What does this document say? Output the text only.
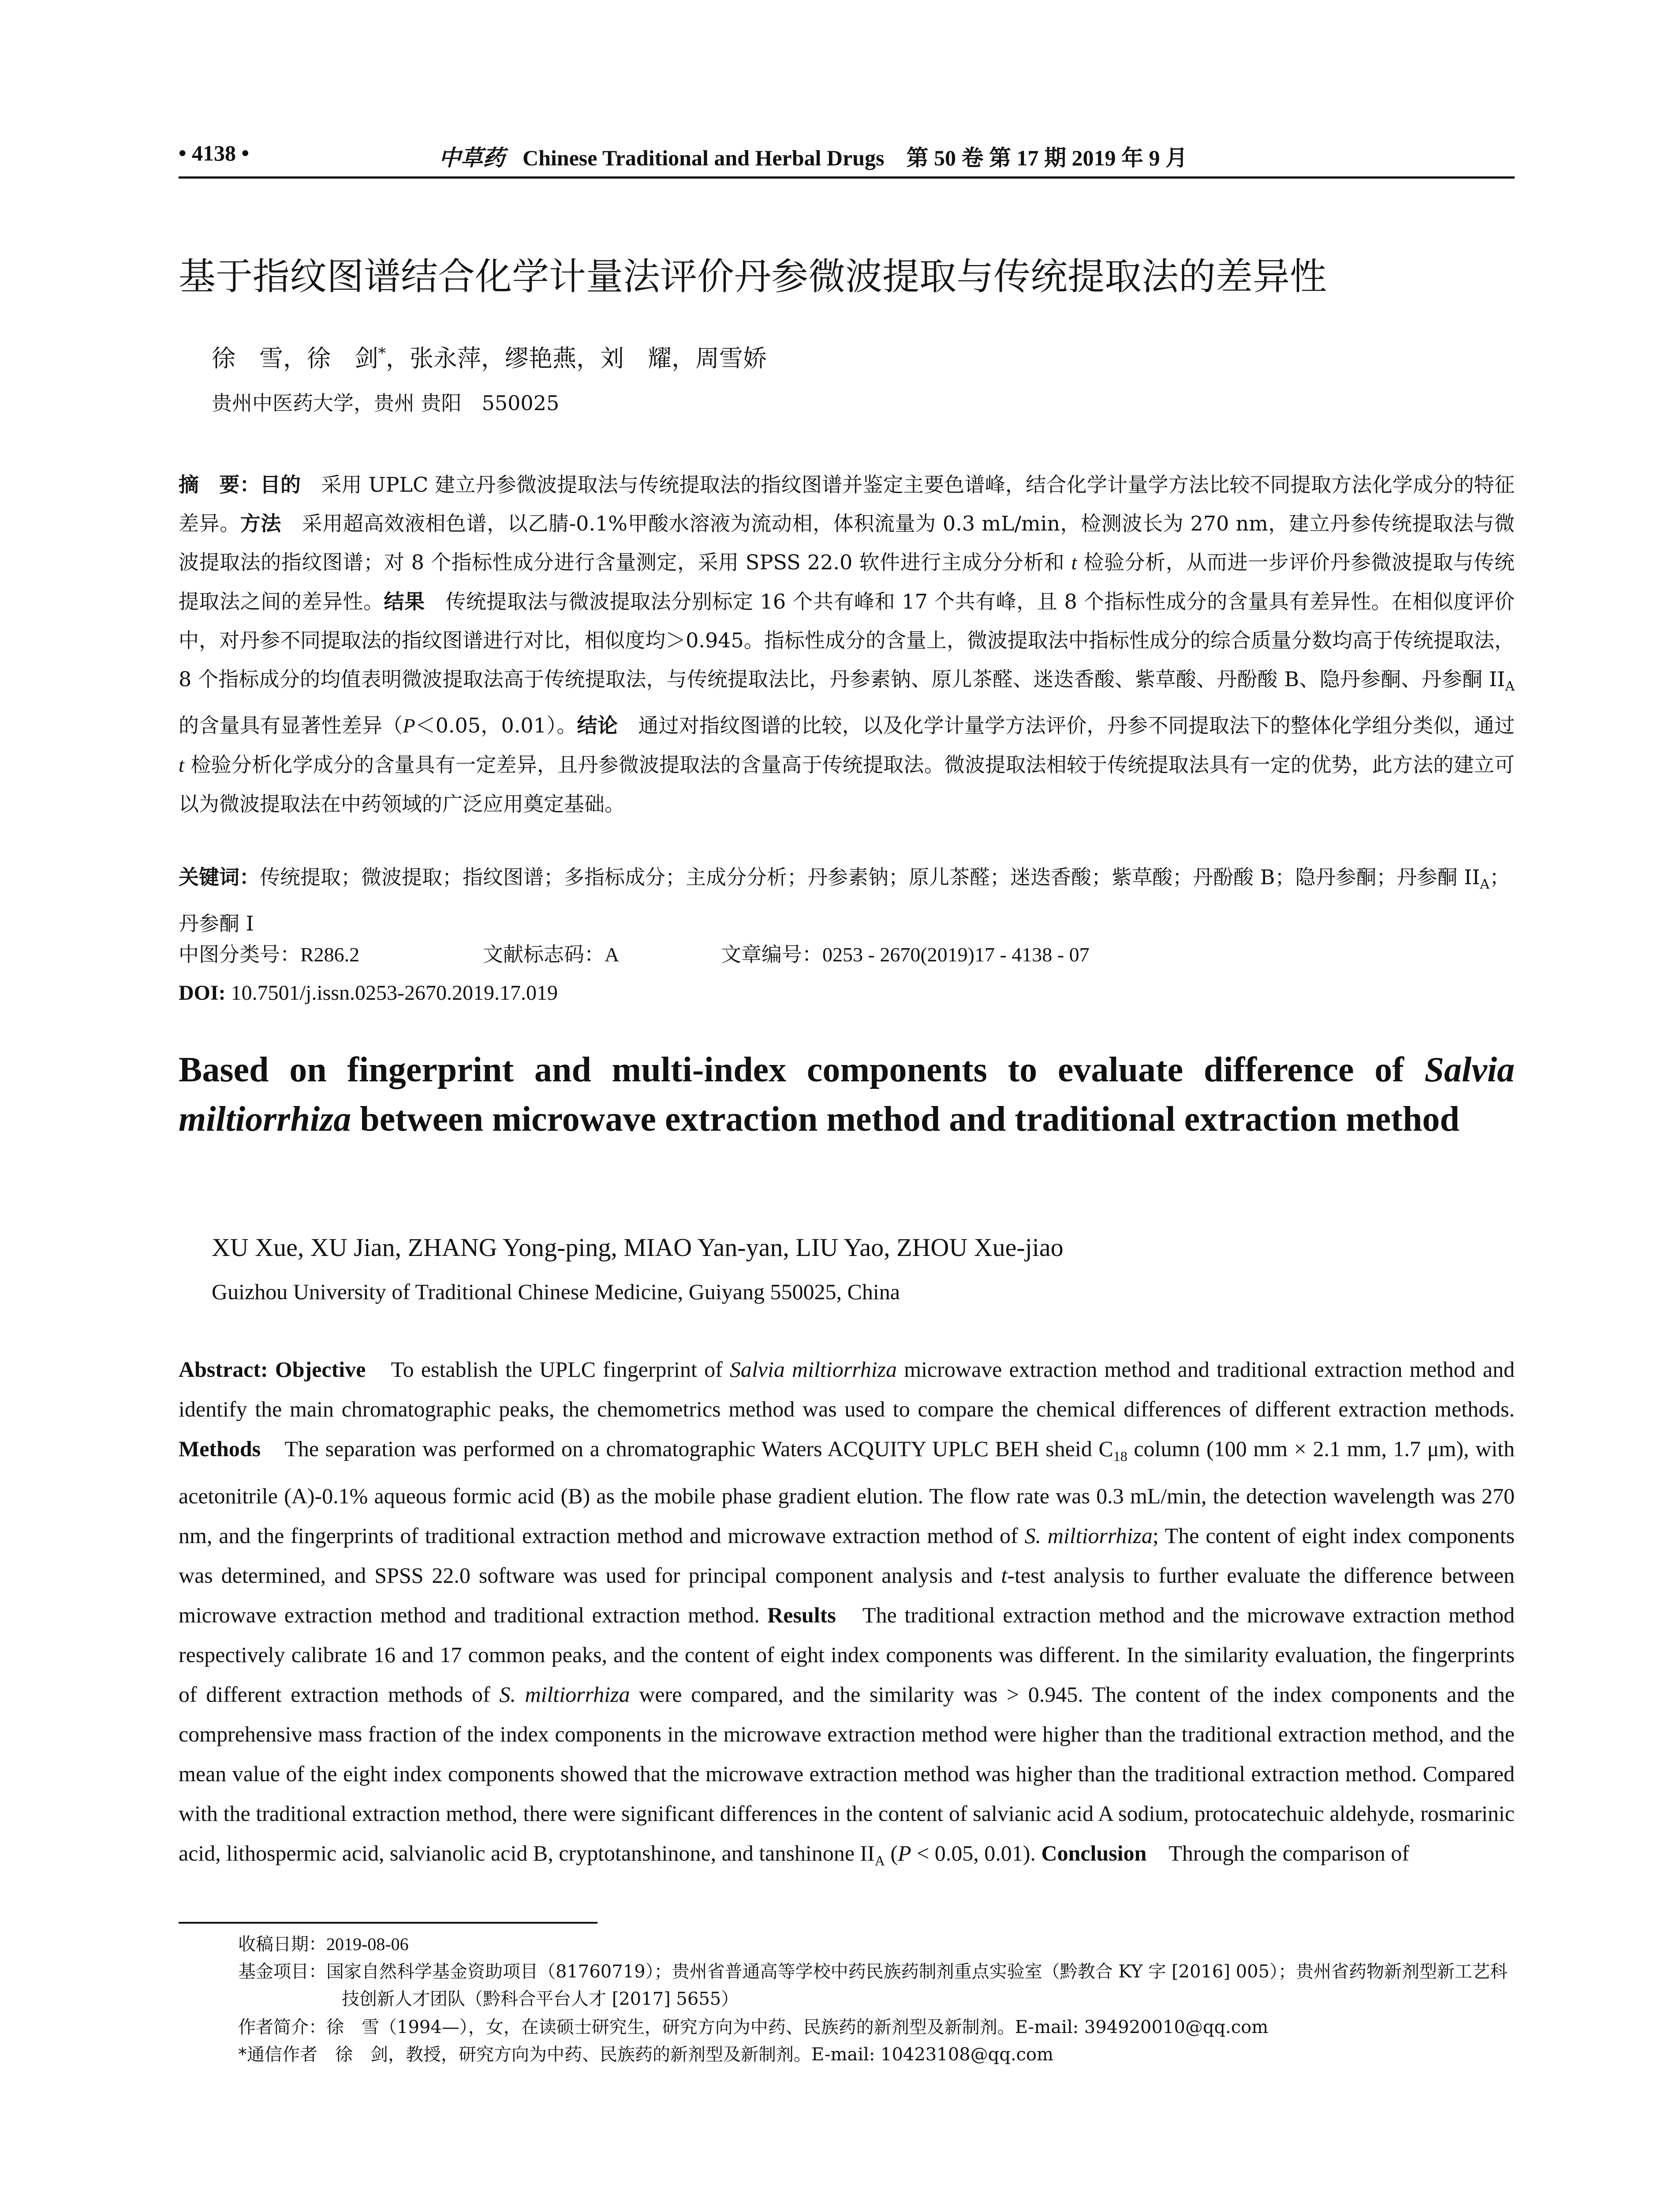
• 4138 •	中草药 Chinese Traditional and Herbal Drugs　 第 50 卷 第 17 期 2019 年 9 月
基于指纹图谱结合化学计量法评价丹参微波提取与传统提取法的差异性
徐　雪，徐　剑*，张永萍，缪艳燕，刘　耀，周雪娇
贵州中医药大学，贵州 贵阳　550025
摘　要：目的　采用 UPLC 建立丹参微波提取法与传统提取法的指纹图谱并鉴定主要色谱峰，结合化学计量学方法比较不同提取方法化学成分的特征差异。方法　采用超高效液相色谱，以乙腈-0.1%甲酸水溶液为流动相，体积流量为 0.3 mL/min，检测波长为 270 nm，建立丹参传统提取法与微波提取法的指纹图谱；对 8 个指标性成分进行含量测定，采用 SPSS 22.0 软件进行主成分分析和 t 检验分析，从而进一步评价丹参微波提取与传统提取法之间的差异性。结果　传统提取法与微波提取法分别标定 16 个共有峰和 17 个共有峰，且 8 个指标性成分的含量具有差异性。在相似度评价中，对丹参不同提取法的指纹图谱进行对比，相似度均＞0.945。指标性成分的含量上，微波提取法中指标性成分的综合质量分数均高于传统提取法，8 个指标成分的均值表明微波提取法高于传统提取法，与传统提取法比，丹参素钠、原儿茶醛、迷迭香酸、紫草酸、丹酚酸 B、隐丹参酮、丹参酮 $II_A$ 的含量具有显著性差异（P＜0.05，0.01）。结论　通过对指纹图谱的比较，以及化学计量学方法评价，丹参不同提取法下的整体化学组分类似，通过 t 检验分析化学成分的含量具有一定差异，且丹参微波提取法的含量高于传统提取法。微波提取法相较于传统提取法具有一定的优势，此方法的建立可以为微波提取法在中药领域的广泛应用奠定基础。
关键词：传统提取；微波提取；指纹图谱；多指标成分；主成分分析；丹参素钠；原儿茶醛；迷迭香酸；紫草酸；丹酚酸 B；隐丹参酮；丹参酮 $II_A$；丹参酮 I
中图分类号：R286.2	文献标志码：A	文章编号：0253 - 2670(2019)17 - 4138 - 07
DOI: 10.7501/j.issn.0253-2670.2019.17.019
Based on fingerprint and multi-index components to evaluate difference of Salvia miltiorrhiza between microwave extraction method and traditional extraction method
XU Xue, XU Jian, ZHANG Yong-ping, MIAO Yan-yan, LIU Yao, ZHOU Xue-jiao
Guizhou University of Traditional Chinese Medicine, Guiyang 550025, China
Abstract: Objective　To establish the UPLC fingerprint of Salvia miltiorrhiza microwave extraction method and traditional extraction method and identify the main chromatographic peaks, the chemometrics method was used to compare the chemical differences of different extraction methods. Methods　The separation was performed on a chromatographic Waters ACQUITY UPLC BEH sheid $C_{18}$ column (100 mm × 2.1 mm, 1.7 μm), with acetonitrile (A)-0.1% aqueous formic acid (B) as the mobile phase gradient elution. The flow rate was 0.3 mL/min, the detection wavelength was 270 nm, and the fingerprints of traditional extraction method and microwave extraction method of S. miltiorrhiza; The content of eight index components was determined, and SPSS 22.0 software was used for principal component analysis and t-test analysis to further evaluate the difference between microwave extraction method and traditional extraction method. Results　The traditional extraction method and the microwave extraction method respectively calibrate 16 and 17 common peaks, and the content of eight index components was different. In the similarity evaluation, the fingerprints of different extraction methods of S. miltiorrhiza were compared, and the similarity was > 0.945. The content of the index components and the comprehensive mass fraction of the index components in the microwave extraction method were higher than the traditional extraction method, and the mean value of the eight index components showed that the microwave extraction method was higher than the traditional extraction method. Compared with the traditional extraction method, there were significant differences in the content of salvianic acid A sodium, protocatechuic aldehyde, rosmarinic acid, lithospermic acid, salvianolic acid B, cryptotanshinone, and tanshinone $II_A$ (P < 0.05, 0.01). Conclusion　Through the comparison of
收稿日期：2019-08-06
基金项目：国家自然科学基金资助项目（81760719）；贵州省普通高等学校中药民族药制剂重点实验室（黔教合 KY 字 [2016] 005）；贵州省药物新剂型新工艺科技创新人才团队（黔科合平台人才 [2017] 5655）
作者简介：徐　雪（1994—），女，在读硕士研究生，研究方向为中药、民族药的新剂型及新制剂。E-mail: 394920010@qq.com
*通信作者　徐　剑，教授，研究方向为中药、民族药的新剂型及新制剂。E-mail: 10423108@qq.com
